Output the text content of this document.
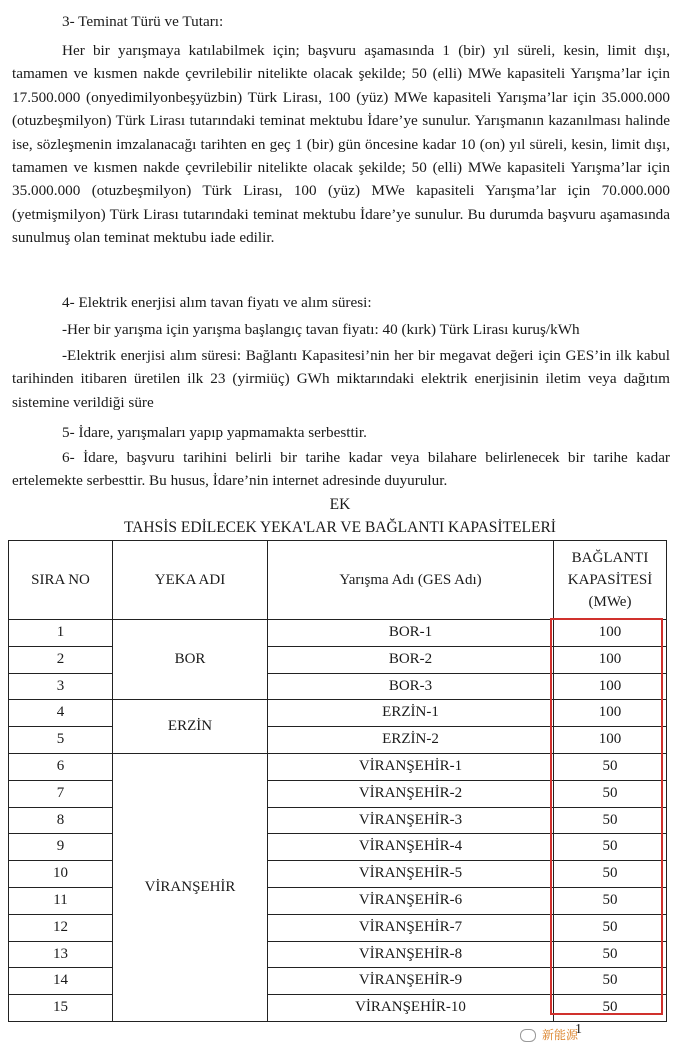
3- Teminat Türü ve Tutarı:

Her bir yarışmaya katılabilmek için; başvuru aşamasında 1 (bir) yıl süreli, kesin, limit dışı, tamamen ve kısmen nakde çevrilebilir nitelikte olacak şekilde; 50 (elli) MWe kapasiteli Yarışma’lar için 17.500.000 (onyedimilyonbeşyüzbin) Türk Lirası, 100 (yüz) MWe kapasiteli Yarışma’lar için 35.000.000 (otuzbeşmilyon) Türk Lirası tutarındaki teminat mektubu İdare’ye sunulur. Yarışmanın kazanılması halinde ise, sözleşmenin imzalanacağı tarihten en geç 1 (bir) gün öncesine kadar 10 (on) yıl süreli, kesin, limit dışı, tamamen ve kısmen nakde çevrilebilir nitelikte olacak şekilde; 50 (elli) MWe kapasiteli Yarışma’lar için 35.000.000 (otuzbeşmilyon) Türk Lirası, 100 (yüz) MWe kapasiteli Yarışma’lar için 70.000.000 (yetmişmilyon) Türk Lirası tutarındaki teminat mektubu İdare’ye sunulur. Bu durumda başvuru aşamasında sunulmuş olan teminat mektubu iade edilir.

4- Elektrik enerjisi alım tavan fiyatı ve alım süresi:

-Her bir yarışma için yarışma başlangıç tavan fiyatı: 40 (kırk) Türk Lirası kuruş/kWh

-Elektrik enerjisi alım süresi: Bağlantı Kapasitesi’nin her bir megavat değeri için GES’in ilk kabul tarihinden itibaren üretilen ilk 23 (yirmiüç) GWh miktarındaki elektrik enerjisinin iletim veya dağıtım sistemine verildiği süre

5- İdare, yarışmaları yapıp yapmamakta serbesttir.

6- İdare, başvuru tarihini belirli bir tarihe kadar veya bilahare belirlenecek bir tarihe kadar ertelemekte serbesttir. Bu husus, İdare’nin internet adresinde duyurulur.

EK
TAHSİS EDİLECEK YEKA'LAR VE BAĞLANTI KAPASİTELERİ
SIRA NO	YEKA ADI	Yarışma Adı (GES Adı)	BAĞLANTI
KAPASİTESİ
(MWe)

1	BOR	BOR-1	100
2		BOR-2	100
3		BOR-3	100
4	ERZİN	ERZİN-1	100
5		ERZİN-2	100
6	VİRANŞEHİR	VİRANŞEHİR-1	50
7		VİRANŞEHİR-2	50
8		VİRANŞEHİR-3	50
9		VİRANŞEHİR-4	50
10		VİRANŞEHİR-5	50
11		VİRANŞEHİR-6	50
12		VİRANŞEHİR-7	50
13		VİRANŞEHİR-8	50
14		VİRANŞEHİR-9	50
15		VİRANŞEHİR-10	50
1
新能源
